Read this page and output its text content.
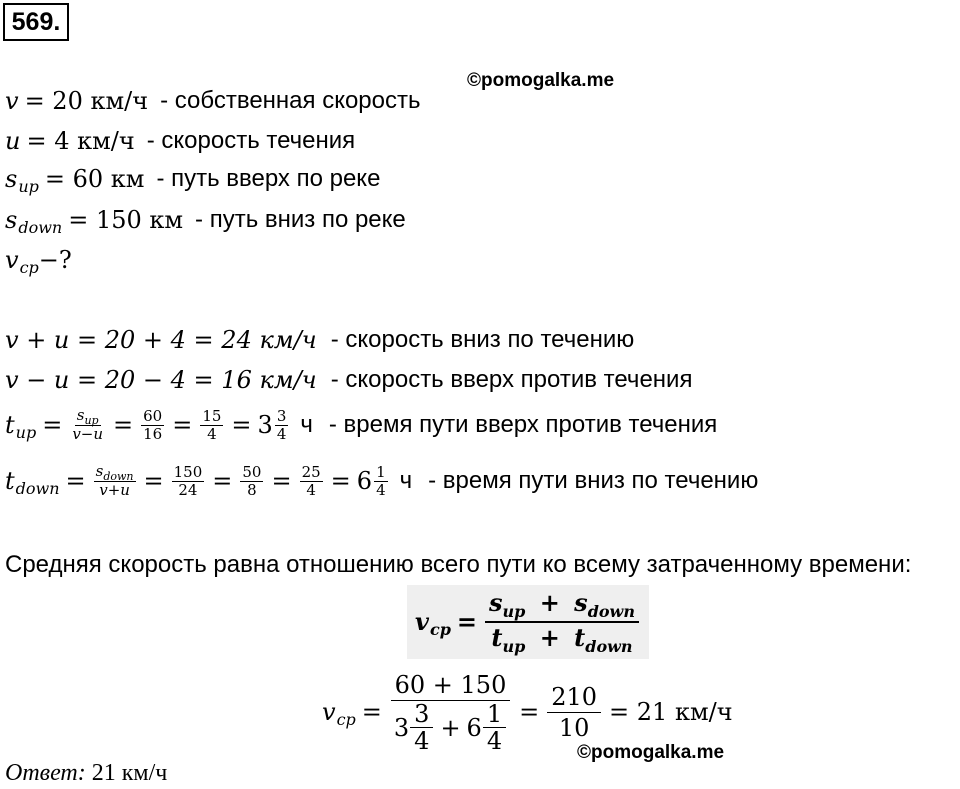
569.
©pomogalka.me
v = 20 км/ч - собственная скорость
u = 4 км/ч - скорость течения
s up = 60 км - путь вверх по реке
s down = 150 км - путь вниз по реке
v cp −?
v + u = 20 + 4 = 24 км/ч - скорость вниз по течению
v − u = 20 − 4 = 16 км/ч - скорость вверх против течения
t up = $\frac{s_{up}}{v-u} = \frac{60}{16} = \frac{15}{4} = 3 \frac{3}{4}$ ч - время пути вверх против течения
t down = $\frac{s_{down}}{v+u} = \frac{150}{24} = \frac{50}{8} = \frac{25}{4} = 6 \frac{1}{4}$ ч - время пути вниз по течению
Средняя скорость равна отношению всего пути ко всему затраченному времени:
v cp = $\frac{s_{up} + s_{down}}{t_{up} + t_{down}}$
v cp =
60 + 150
$3 \frac{3}{4} + 6 \frac{1}{4} = \frac{210}{10} = 21$ км/ч
©pomogalka.me
Ответ: 21 км/ч
